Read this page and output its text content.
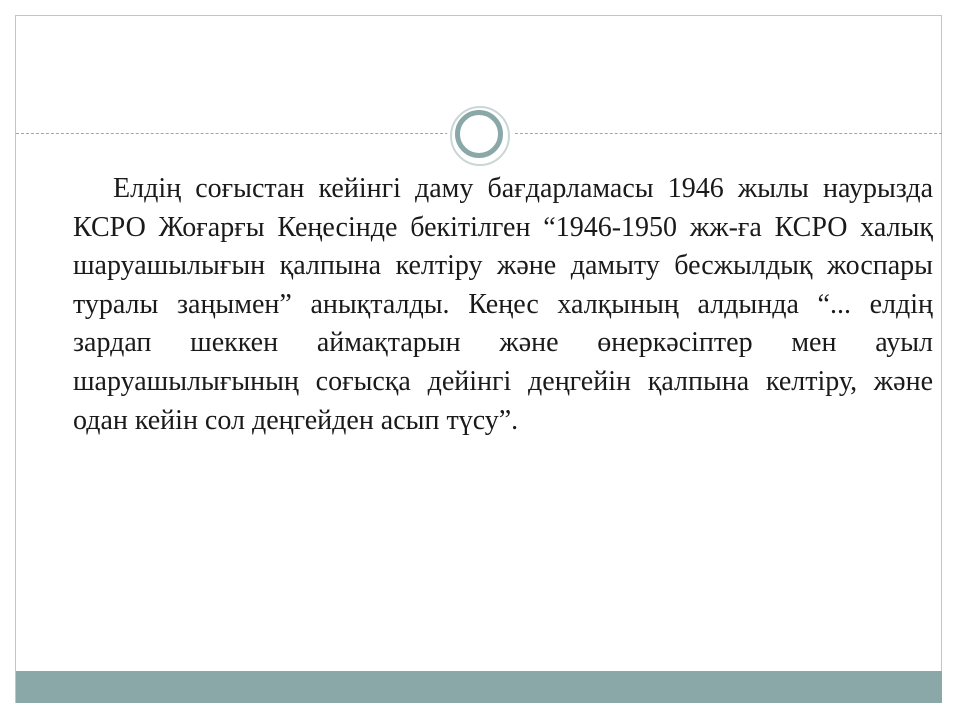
Елдің соғыстан кейінгі даму бағдарламасы 1946 жылы наурызда КСРО Жоғарғы Кеңесінде бекітілген “1946-1950 жж-ға КСРО халық шаруашылығын қалпына келтіру және дамыту бесжылдық жоспары туралы заңымен” анықталды. Кеңес халқының алдында “... елдің зардап шеккен аймақтарын және өнеркәсіптер мен ауыл шаруашылығының соғысқа дейінгі деңгейін қалпына келтіру, және одан кейін сол деңгейден асып түсу”.
